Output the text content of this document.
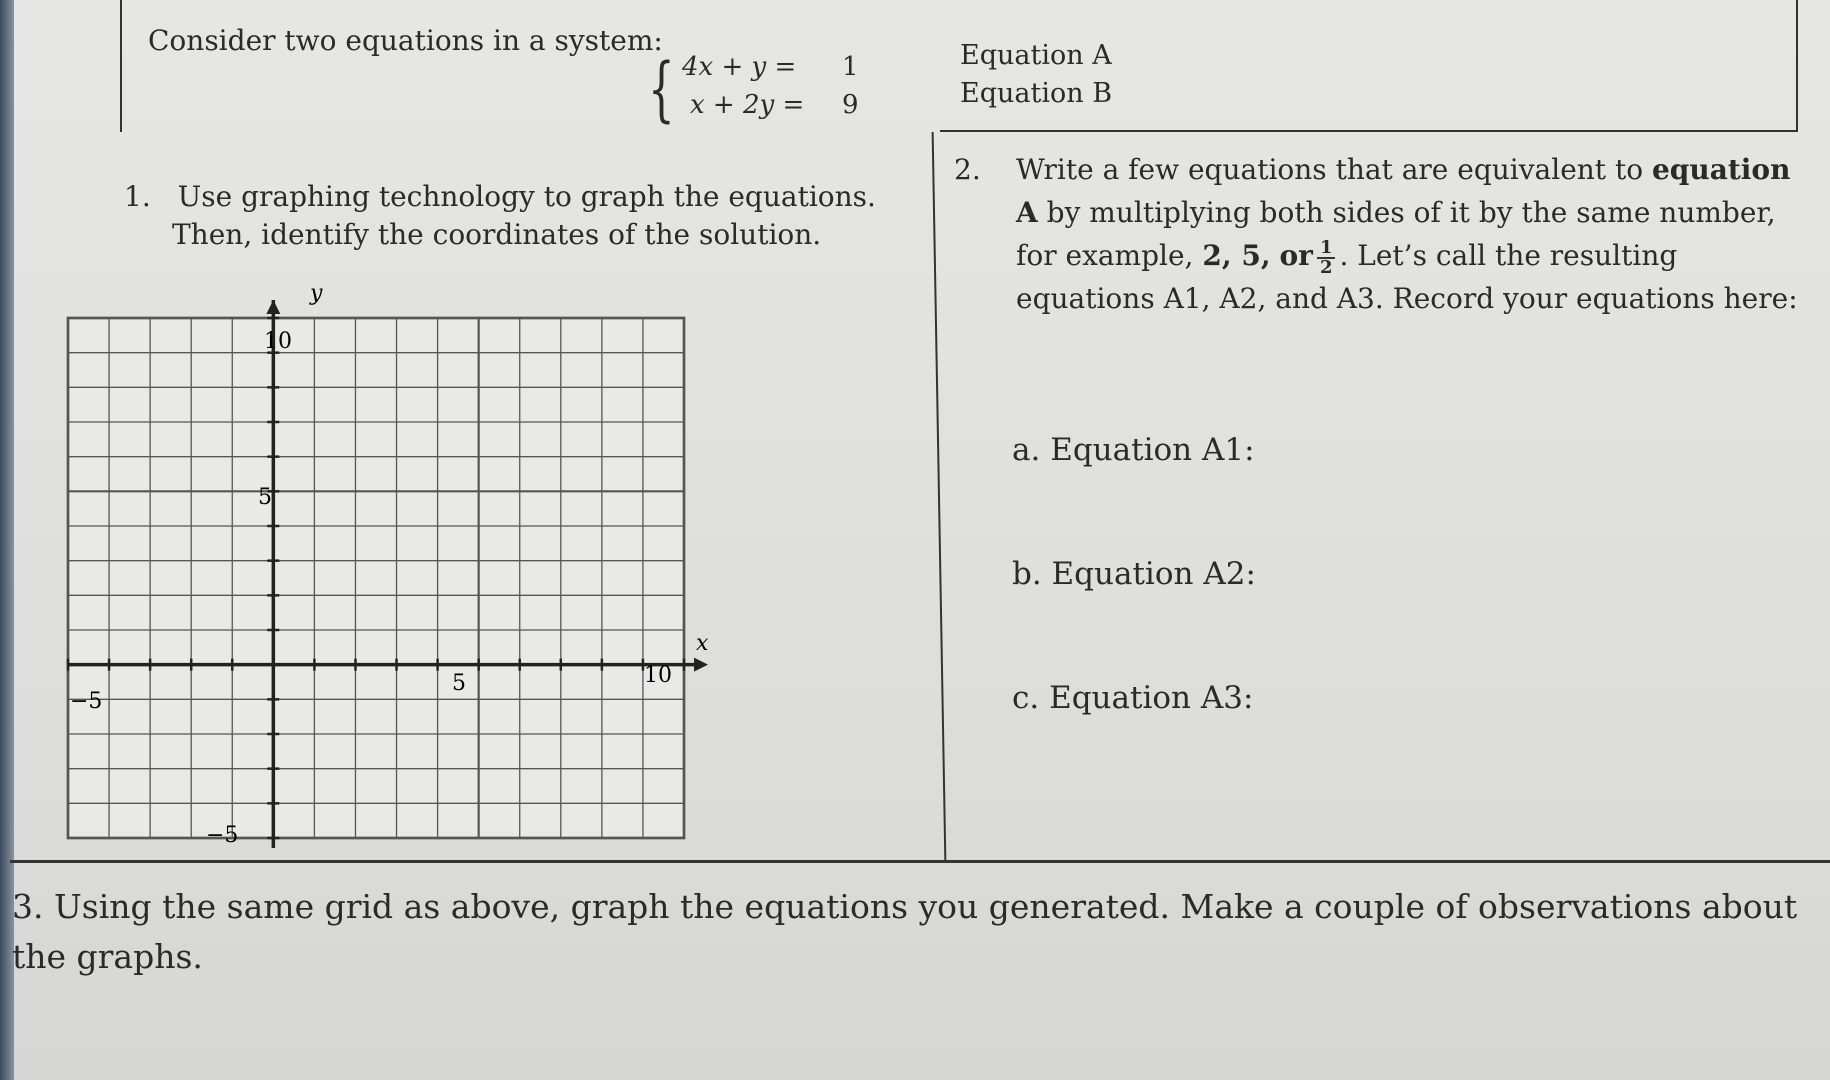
Consider two equations in a system:
{ 4x + y = 1
x + 2y = 9
Equation A
Equation B
1. Use graphing technology to graph the equations.
Then, identify the coordinates of the solution.
y
x
−5
5	10
10
5
−5
2. Write a few equations that are equivalent to equation A by multiplying both sides of it by the same number,
for example, 2, 5, or $\frac{1}{2}$ . Let’s call the resulting equations A1, A2, and A3. Record your equations here:
a. Equation A1:
b. Equation A2:
c. Equation A3:
3. Using the same grid as above, graph the equations you generated. Make a couple of observations about the graphs.
